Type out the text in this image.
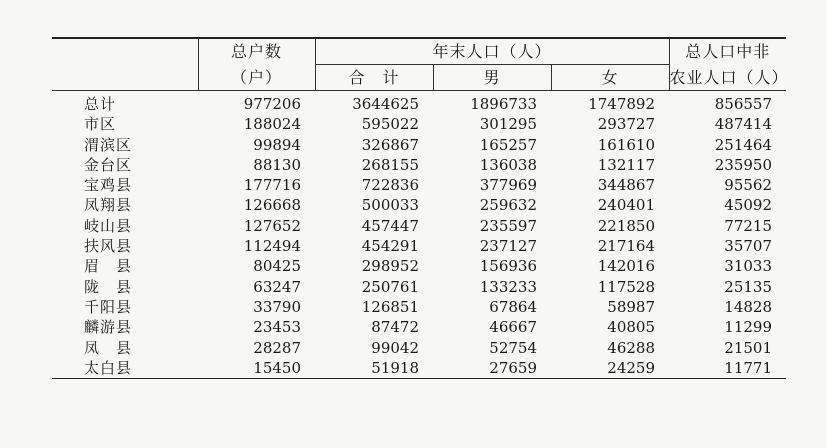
	总户数	年末人口（人）			总人口中非
	（户）	合　计	男	女	农业人口（人）
总计	977206	3644625	1896733	1747892	856557
市区	188024	595022	301295	293727	487414
渭滨区	99894	326867	165257	161610	251464
金台区	88130	268155	136038	132117	235950
宝鸡县	177716	722836	377969	344867	95562
凤翔县	126668	500033	259632	240401	45092
岐山县	127652	457447	235597	221850	77215
扶风县	112494	454291	237127	217164	35707
眉　县	80425	298952	156936	142016	31033
陇　县	63247	250761	133233	117528	25135
千阳县	33790	126851	67864	58987	14828
麟游县	23453	87472	46667	40805	11299
凤　县	28287	99042	52754	46288	21501
太白县	15450	51918	27659	24259	11771
